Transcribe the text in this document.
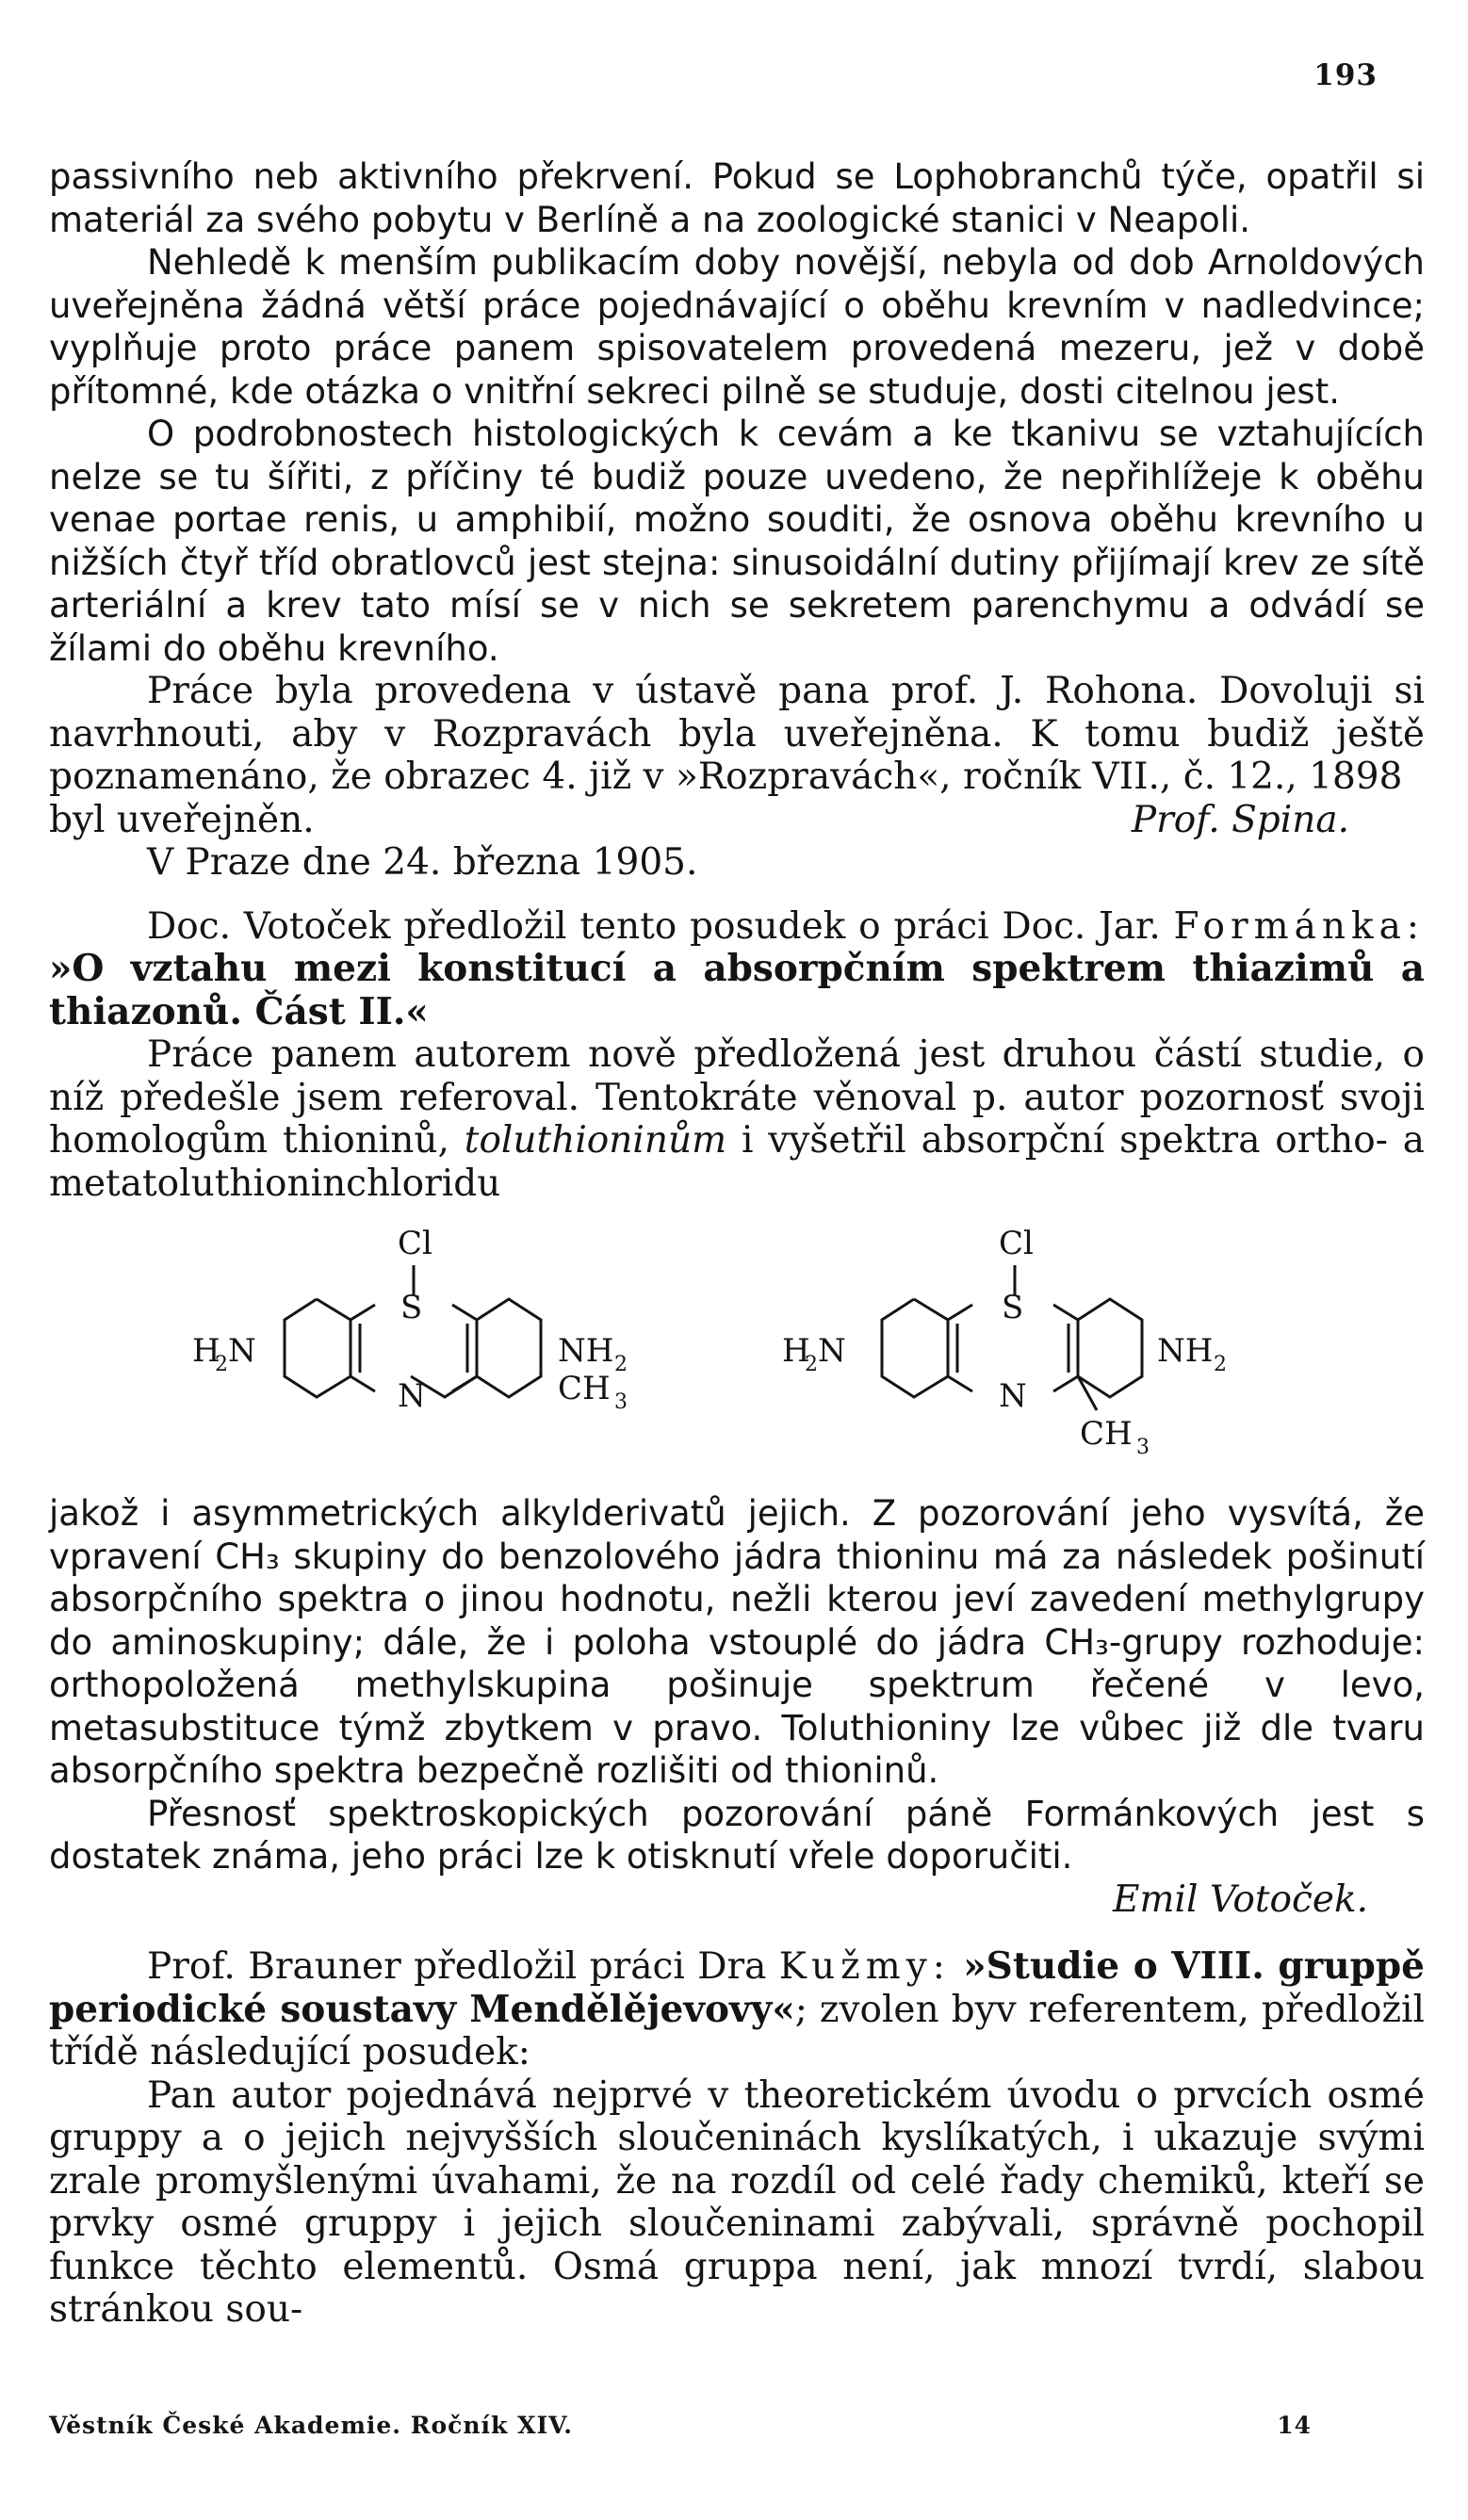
193

passivního neb aktivního překrvení. Pokud se Lophobranchů týče, opatřil si materiál za svého pobytu v Berlíně a na zoologické stanici v Neapoli.

Nehledě k menším publikacím doby novější, nebyla od dob Arnoldových uveřejněna žádná větší práce pojednávající o oběhu krevním v nadledvince; vyplňuje proto práce panem spisovatelem provedená mezeru, jež v době přítomné, kde otázka o vnitřní sekreci pilně se studuje, dosti citelnou jest.

O podrobnostech histologických k cevám a ke tkanivu se vztahujících nelze se tu šířiti, z příčiny té budiž pouze uvedeno, že nepřihlížeje k oběhu venae portae renis, u amphibií, možno souditi, že osnova oběhu krevního u nižších čtyř tříd obratlovců jest stejna: sinusoidální dutiny přijímají krev ze sítě arteriální a krev tato mísí se v nich se sekretem parenchymu a odvádí se žílami do oběhu krevního.

Práce byla provedena v ústavě pana prof. J. Rohona. Dovoluji si navrhnouti, aby v Rozpravách byla uveřejněna. K tomu budiž ještě poznamenáno, že obrazec 4. již v »Rozpravách«, ročník VII., č. 12., 1898

byl uveřejněn.	Prof. Spina.

V Praze dne 24. března 1905.

Doc. Votoček předložil tento posudek o práci Doc. Jar. Formánka: »O vztahu mezi konstitucí a absorpčním spektrem thiazimů a thiazonů. Část II.«

Práce panem autorem nově předložená jest druhou částí studie, o níž předešle jsem referoval. Tentokráte věnoval p. autor pozornosť svoji homologům thioninů, toluthioninům i vyšetřil absorpční spektra ortho- a metatoluthioninchloridu

Cl
S
N
H
2 N	NH 2
CH 3
Cl
S
N
H
2 N	NH 2
CH 3

jakož i asymmetrických alkylderivatů jejich. Z pozorování jeho vysvítá, že vpravení CH₃ skupiny do benzolového jádra thioninu má za následek pošinutí absorpčního spektra o jinou hodnotu, nežli kterou jeví zavedení methylgrupy do aminoskupiny; dále, že i poloha vstouplé do jádra CH₃-grupy rozhoduje: orthopoložená methylskupina pošinuje spektrum řečené v levo, metasubstituce týmž zbytkem v pravo. Toluthioniny lze vůbec již dle tvaru absorpčního spektra bezpečně rozlišiti od thioninů.

Přesnosť spektroskopických pozorování páně Formánkových jest s dostatek známa, jeho práci lze k otisknutí vřele doporučiti.

Emil Votoček.

Prof. Brauner předložil práci Dra Kužmy: »Studie o VIII. gruppě periodické soustavy Mendělějevovy«; zvolen byv referentem, předložil třídě následující posudek:

Pan autor pojednává nejprvé v theoretickém úvodu o prvcích osmé gruppy a o jejich nejvyšších sloučeninách kyslíkatých, i ukazuje svými zrale promyšlenými úvahami, že na rozdíl od celé řady chemiků, kteří se prvky osmé gruppy i jejich sloučeninami zabývali, správně pochopil funkce těchto elementů. Osmá gruppa není, jak mnozí tvrdí, slabou stránkou sou-

Věstník České Akademie. Ročník XIV.	14
